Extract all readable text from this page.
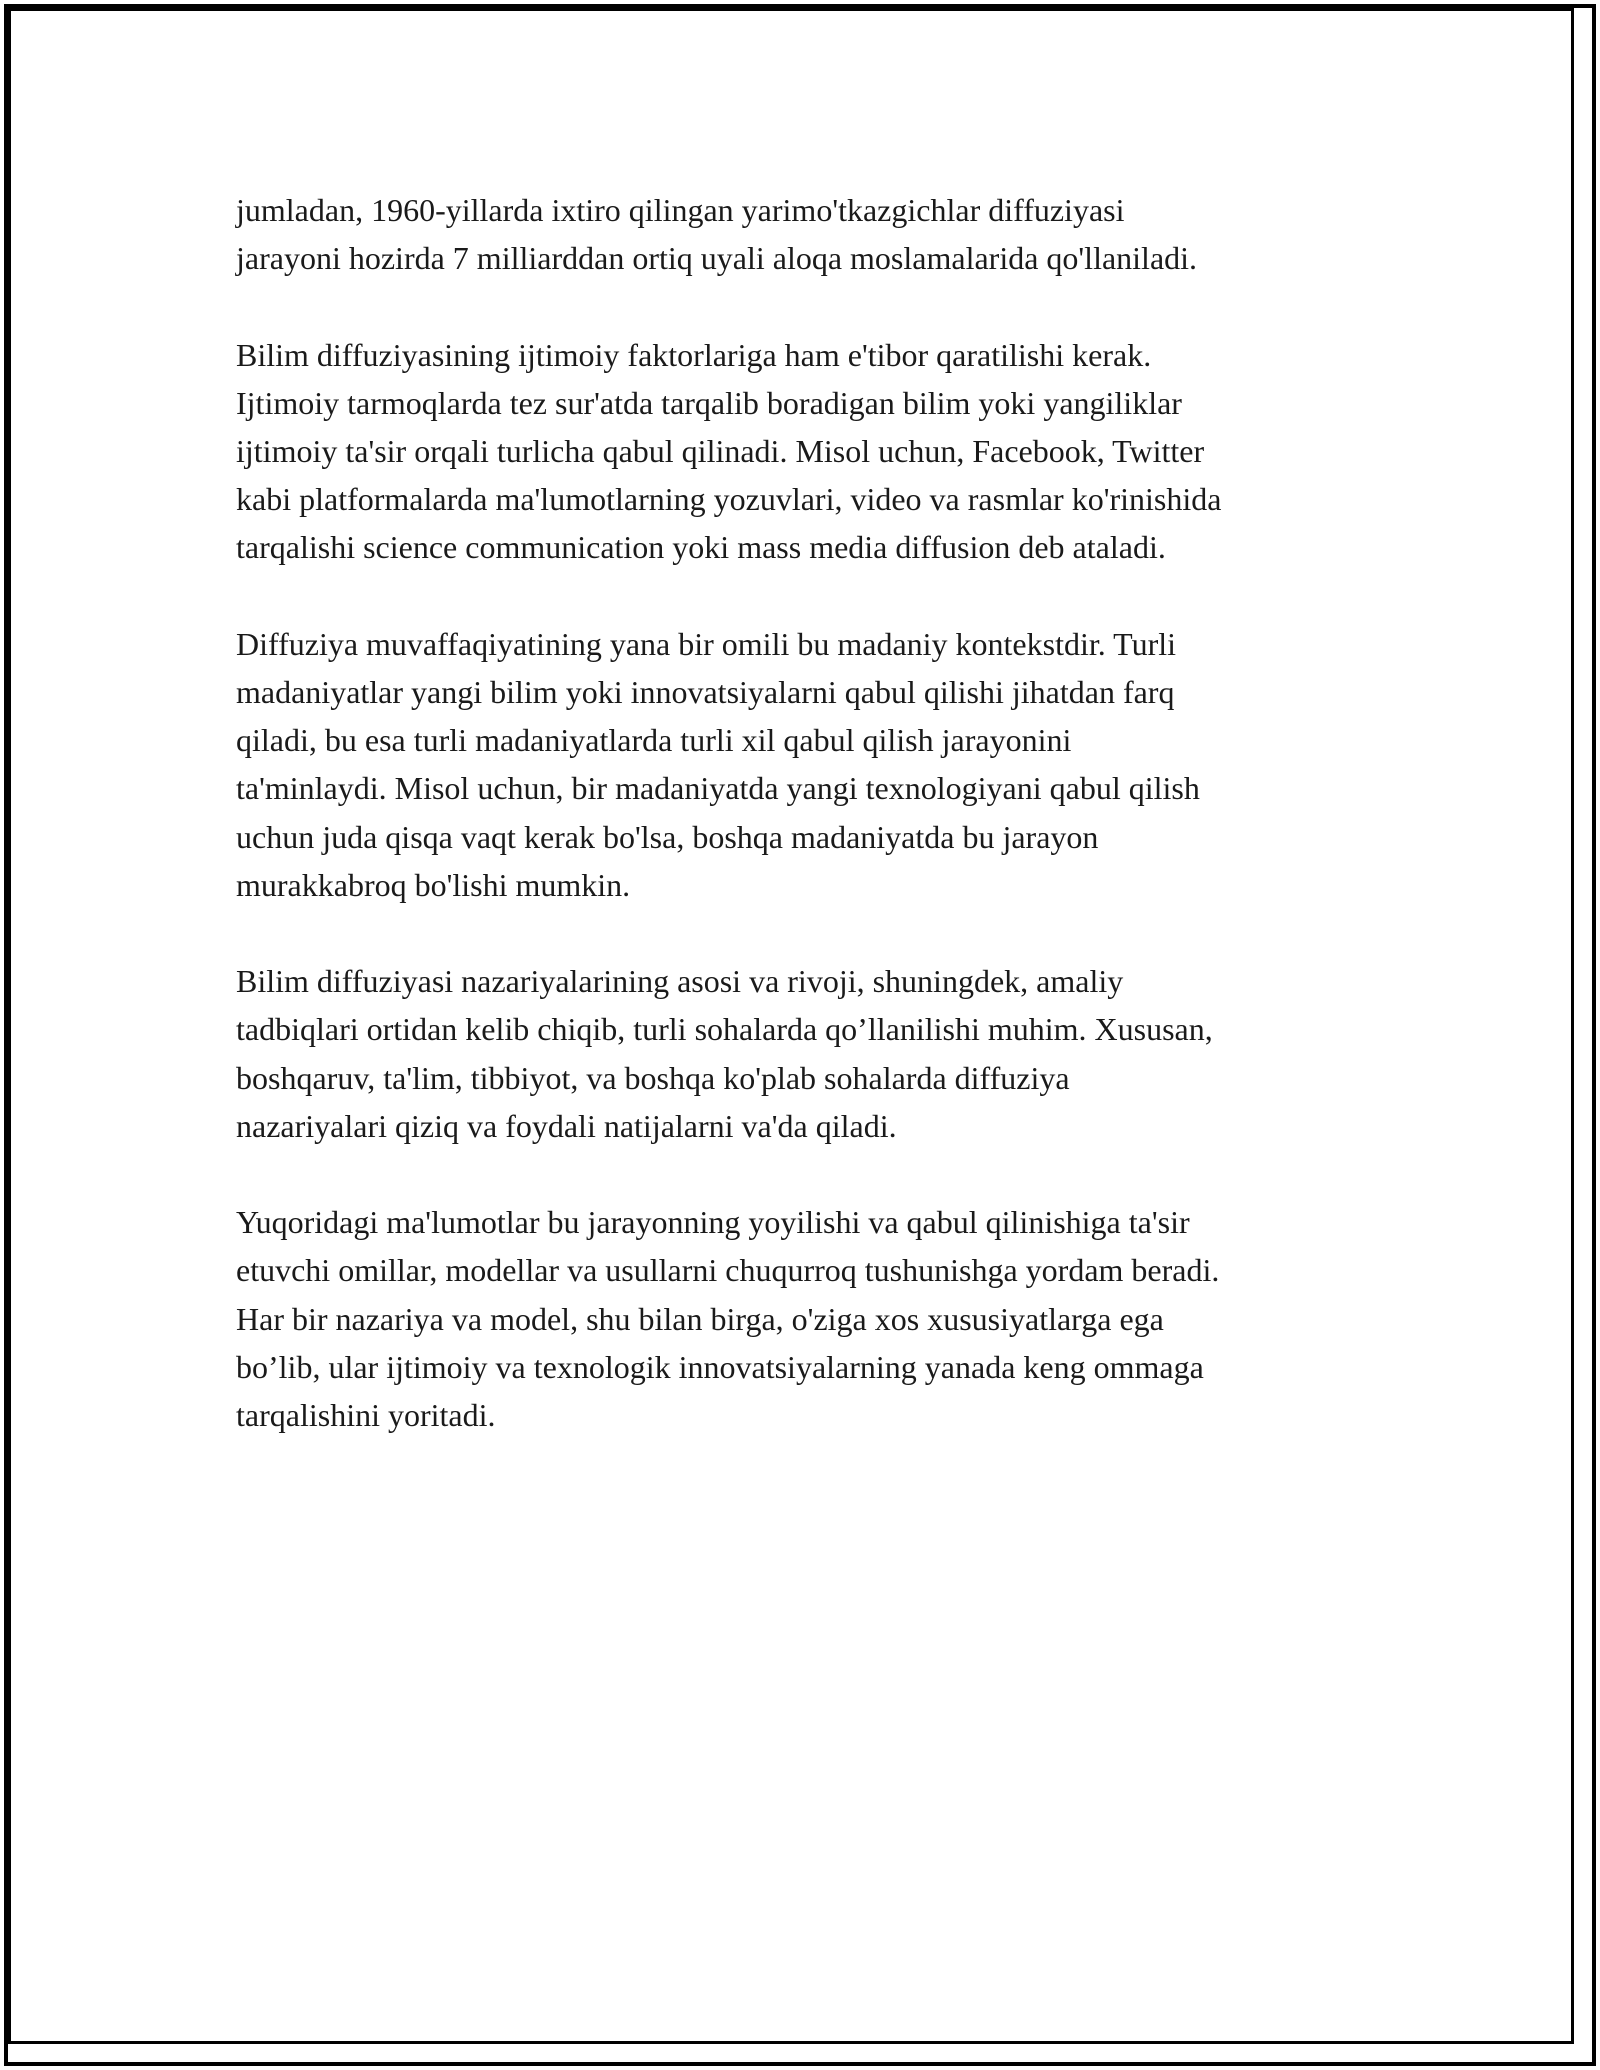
jumladan, 1960-yillarda ixtiro qilingan yarimo'tkazgichlar diffuziyasi
jarayoni hozirda 7 milliarddan ortiq uyali aloqa moslamalarida qo'llaniladi.

Bilim diffuziyasining ijtimoiy faktorlariga ham e'tibor qaratilishi kerak.
Ijtimoiy tarmoqlarda tez sur'atda tarqalib boradigan bilim yoki yangiliklar
ijtimoiy ta'sir orqali turlicha qabul qilinadi. Misol uchun, Facebook, Twitter
kabi platformalarda ma'lumotlarning yozuvlari, video va rasmlar ko'rinishida
tarqalishi science communication yoki mass media diffusion deb ataladi.

Diffuziya muvaffaqiyatining yana bir omili bu madaniy kontekstdir. Turli
madaniyatlar yangi bilim yoki innovatsiyalarni qabul qilishi jihatdan farq
qiladi, bu esa turli madaniyatlarda turli xil qabul qilish jarayonini
ta'minlaydi. Misol uchun, bir madaniyatda yangi texnologiyani qabul qilish
uchun juda qisqa vaqt kerak bo'lsa, boshqa madaniyatda bu jarayon
murakkabroq bo'lishi mumkin.

Bilim diffuziyasi nazariyalarining asosi va rivoji, shuningdek, amaliy
tadbiqlari ortidan kelib chiqib, turli sohalarda qo’llanilishi muhim. Xususan,
boshqaruv, ta'lim, tibbiyot, va boshqa ko'plab sohalarda diffuziya
nazariyalari qiziq va foydali natijalarni va'da qiladi.

Yuqoridagi ma'lumotlar bu jarayonning yoyilishi va qabul qilinishiga ta'sir
etuvchi omillar, modellar va usullarni chuqurroq tushunishga yordam beradi.
Har bir nazariya va model, shu bilan birga, o'ziga xos xususiyatlarga ega
bo’lib, ular ijtimoiy va texnologik innovatsiyalarning yanada keng ommaga
tarqalishini yoritadi.
